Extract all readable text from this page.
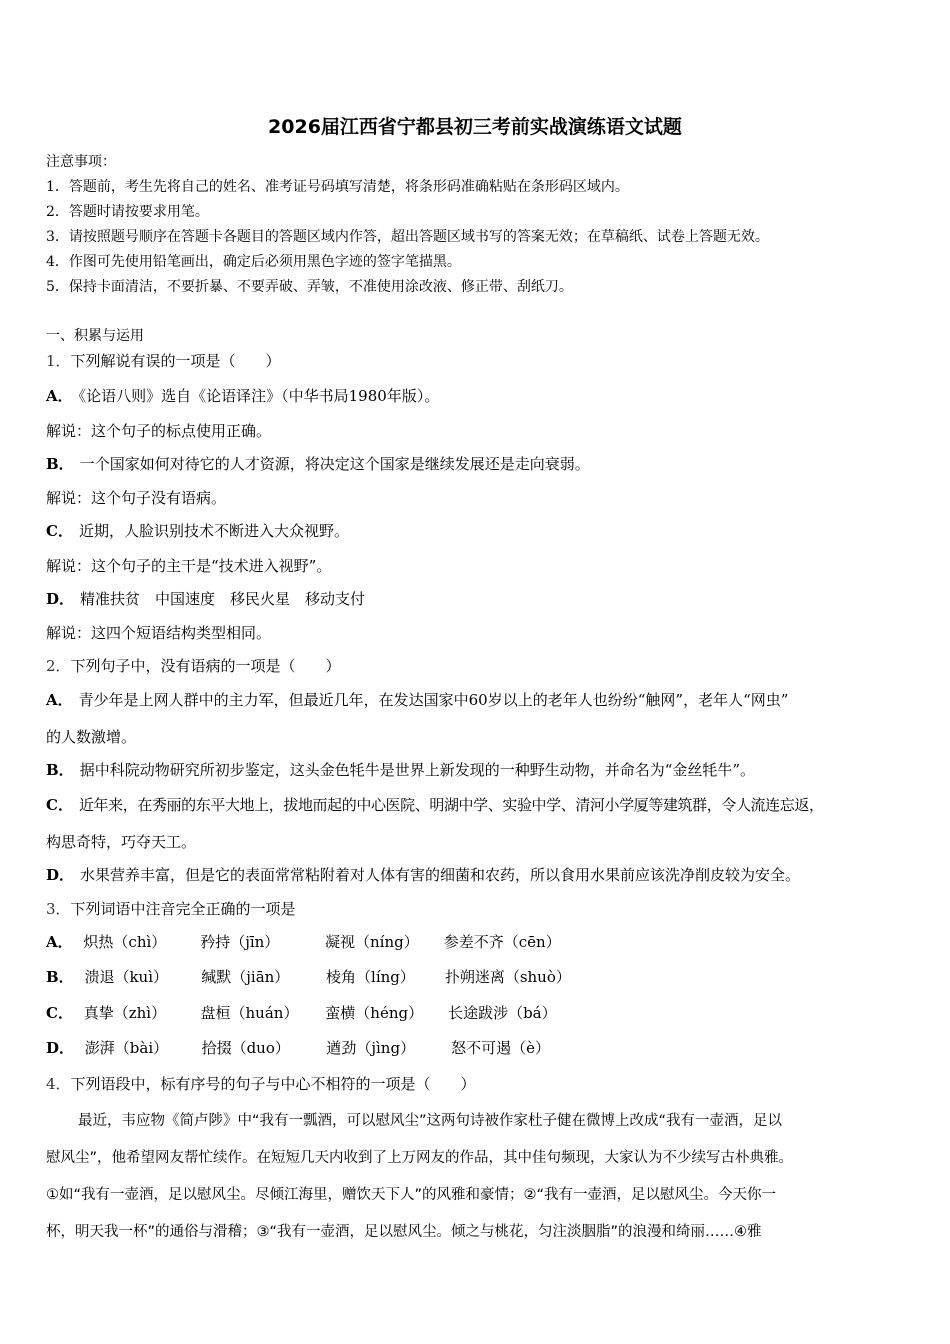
2026届江西省宁都县初三考前实战演练语文试题
注意事项：
1．答题前，考生先将自己的姓名、准考证号码填写清楚，将条形码准确粘贴在条形码区域内。
2．答题时请按要求用笔。
3．请按照题号顺序在答题卡各题目的答题区域内作答，超出答题区域书写的答案无效；在草稿纸、试卷上答题无效。
4．作图可先使用铅笔画出，确定后必须用黑色字迹的签字笔描黑。
5．保持卡面清洁，不要折暴、不要弄破、弄皱，不准使用涂改液、修正带、刮纸刀。
一、积累与运用
1．下列解说有误的一项是（　　）
A． 《论语八则》选自《论语译注》（中华书局1980年版）。
解说：这个句子的标点使用正确。
B． 一个国家如何对待它的人才资源，将决定这个国家是继续发展还是走向衰弱。
解说：这个句子没有语病。
C． 近期，人脸识别技术不断进入大众视野。
解说：这个句子的主干是“技术进入视野”。
D． 精准扶贫　中国速度　移民火星　移动支付
解说：这四个短语结构类型相同。
2．下列句子中，没有语病的一项是（　　）
A． 青少年是上网人群中的主力军，但最近几年，在发达国家中60岁以上的老年人也纷纷“触网”，老年人“网虫”
的人数激增。
B． 据中科院动物研究所初步鉴定，这头金色牦牛是世界上新发现的一种野生动物，并命名为“金丝牦牛”。
C． 近年来，在秀丽的东平大地上，拔地而起的中心医院、明湖中学、实验中学、清河小学厦等建筑群，令人流连忘返，
构思奇特，巧夺天工。
D． 水果营养丰富，但是它的表面常常粘附着对人体有害的细菌和农药，所以食用水果前应该洗净削皮较为安全。
3．下列词语中注音完全正确的一项是
A． 炽热（chì） 矜持（jīn）	凝视（níng） 参差不齐（cēn）
B． 溃退（kuì） 缄默（jiān） 棱角（líng） 扑朔迷离（shuò）
C． 真挚（zhì） 盘桓（huán） 蛮横（héng） 长途跋涉（bá）
D． 澎湃（bài） 拾掇（duo） 遒劲（jìng） 怒不可遏（è）
4．下列语段中，标有序号的句子与中心不相符的一项是（　　）
最近，韦应物《简卢陟》中“我有一瓢酒，可以慰风尘”这两句诗被作家杜子健在微博上改成“我有一壶酒，足以
慰风尘”，他希望网友帮忙续作。在短短几天内收到了上万网友的作品，其中佳句频现，大家认为不少续写古朴典雅。
①如“我有一壶酒，足以慰风尘。尽倾江海里，赠饮天下人”的风雅和豪情；②“我有一壶酒，足以慰风尘。今天你一
杯，明天我一杯”的通俗与滑稽；③“我有一壶酒，足以慰风尘。倾之与桃花，匀注淡胭脂”的浪漫和绮丽……④雅
